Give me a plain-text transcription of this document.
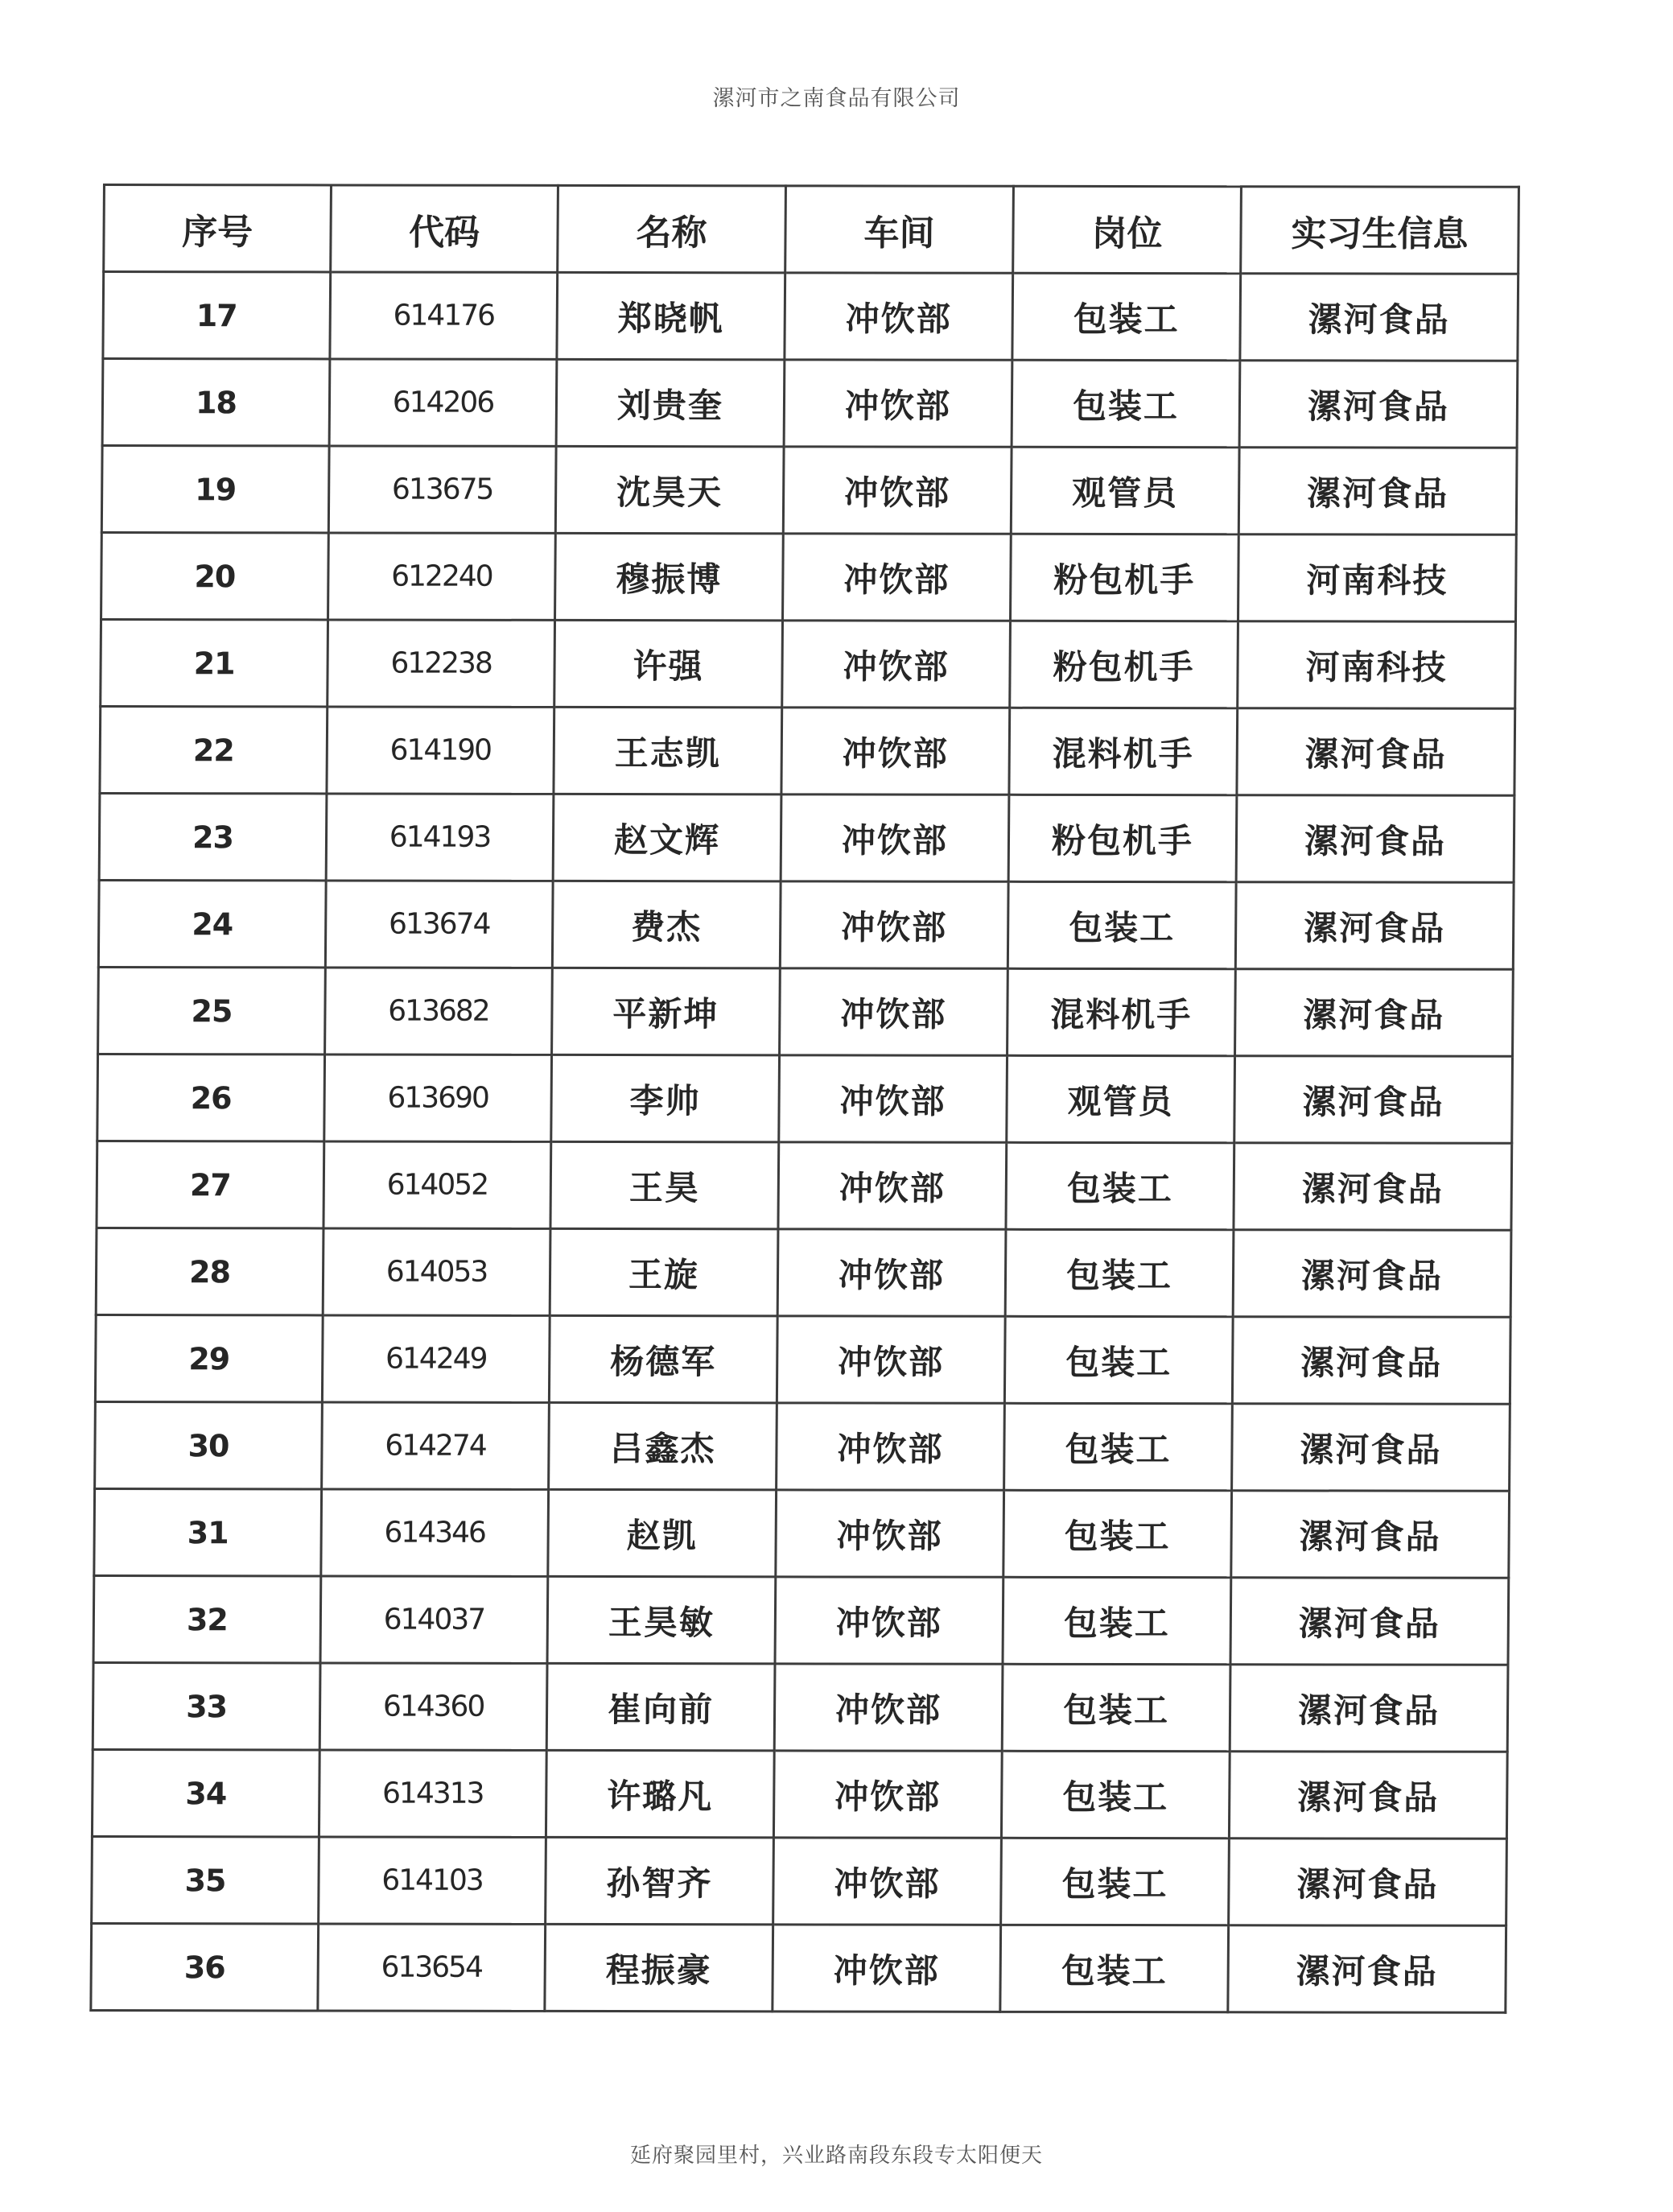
漯河市之南食品有限公司
序号	代码	名称	车间	岗位	实习生信息
17	614176	郑晓帆	冲饮部	包装工	漯河食品
18	614206	刘贵奎	冲饮部	包装工	漯河食品
19	613675	沈昊天	冲饮部	观管员	漯河食品
20	612240	穆振博	冲饮部	粉包机手	河南科技
21	612238	许强	冲饮部	粉包机手	河南科技
22	614190	王志凯	冲饮部	混料机手	漯河食品
23	614193	赵文辉	冲饮部	粉包机手	漯河食品
24	613674	费杰	冲饮部	包装工	漯河食品
25	613682	平新坤	冲饮部	混料机手	漯河食品
26	613690	李帅	冲饮部	观管员	漯河食品
27	614052	王昊	冲饮部	包装工	漯河食品
28	614053	王旋	冲饮部	包装工	漯河食品
29	614249	杨德军	冲饮部	包装工	漯河食品
30	614274	吕鑫杰	冲饮部	包装工	漯河食品
31	614346	赵凯	冲饮部	包装工	漯河食品
32	614037	王昊敏	冲饮部	包装工	漯河食品
33	614360	崔向前	冲饮部	包装工	漯河食品
34	614313	许璐凡	冲饮部	包装工	漯河食品
35	614103	孙智齐	冲饮部	包装工	漯河食品
36	613654	程振豪	冲饮部	包装工	漯河食品
延府聚园里村，兴业路南段东段专太阳便天
